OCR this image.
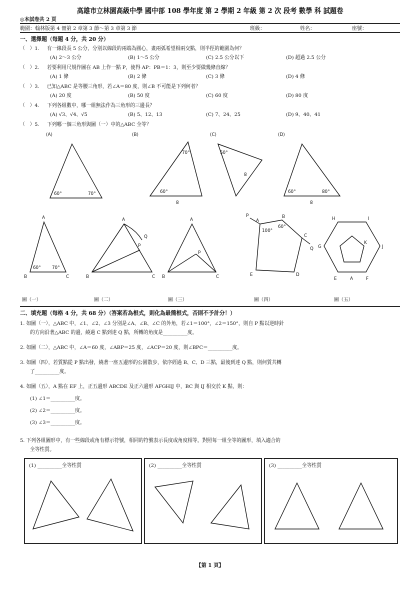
高雄市立林園高級中學 國中部 108 學年度 第 2 學期 2 年級 第 2 次 段考 數學 科 試題卷
◎本試卷共 2 頁
範圍：翰林版第 4 冊第 2 章第 3 節～第 3 章第 3 節	班級：	姓名：	座號：
一、選擇題（每題 4 分，共 20 分）
（　）1. 有一線段長 5 公分，分別以線段的兩端為圓心，畫兩弧希望相兩交點，則半徑的範圍為何？
(A) 2～3 公分	(B) 1～5 公分	(C) 2.5 公分以下	(D) 超過 2.5 公分
（　）2. 若要利用尺規作圖在 AB 上作一點 P，使得 AP：PB＝1：3，則至少要做幾條直線？
(A) 1 條	(B) 2 條	(C) 3 條	(D) 4 條
（　）3. 已知△ABC 是等腰三角形，若∠A＝80 度，則∠B 不可能是下列何者？
(A) 20 度	(B) 50 度	(C) 60 度	(D) 80 度
（　）4. 下列各組數中，哪一組無法作為三角形的三邊長？
(A) √3、√4、√5	(B) 5、12、13	(C) 7、24、25	(D) 9、40、41
（　）5. 下列哪一個三角形與圖（一）中的△ABC 全等？
(A)	(B)	(C)	(D)
60°	70°
8
60°
70°	50°
8
60°	80°
8
A
B	C
60°	70°
A
B	C
P
Q
A
B	C
P
A
B
C
D
E
P
Q
100°
60°
H	I
J
G
E	A	F
K
圖（一）	圖（二）	圖（三）	圖（四）	圖（五）
二、填充題（每格 4 分，共 68 分）（答案若為根式，則化為最簡根式，否則不予計分！）
1. 如圖（一），△ABC 中，∠1、∠2、∠3 分別是∠A、∠B、∠C 的外角，若∠1＝100°，∠2＝150°，則自 P 點以逆時針
的方向沿著△ABC 的邊，繞過 C 點到達 Q 點，所轉的角度是__________度。
2. 如圖（二），△ABC 中，∠A＝60 度，∠ABP＝25 度，∠ACP＝20 度，則∠BPC＝__________度。
3. 如圖（四），若質點從 P 點出發，繞著一座五邊形的公園散步，依序經過 B、C、D 三點，最後到達 Q 點，則何質共轉
了__________度。
4. 如圖（五），A 點在 EF 上，正五邊形 ABCDE 及正六邊形 AFGHIJ 中，BC 與 IJ 相交於 K 點，則：
(1) ∠1＝__________度。
(2) ∠2＝__________度。
(3) ∠3＝__________度。
5. 下列各組圖形中，有一些線段或角有標示符號，相同的符號表示長度或角度相等。對照每一組全等的圖形，填入適合的
全等性質。
(1) __________全等性質	(2) __________全等性質	(3) __________全等性質
【第 1 頁】
